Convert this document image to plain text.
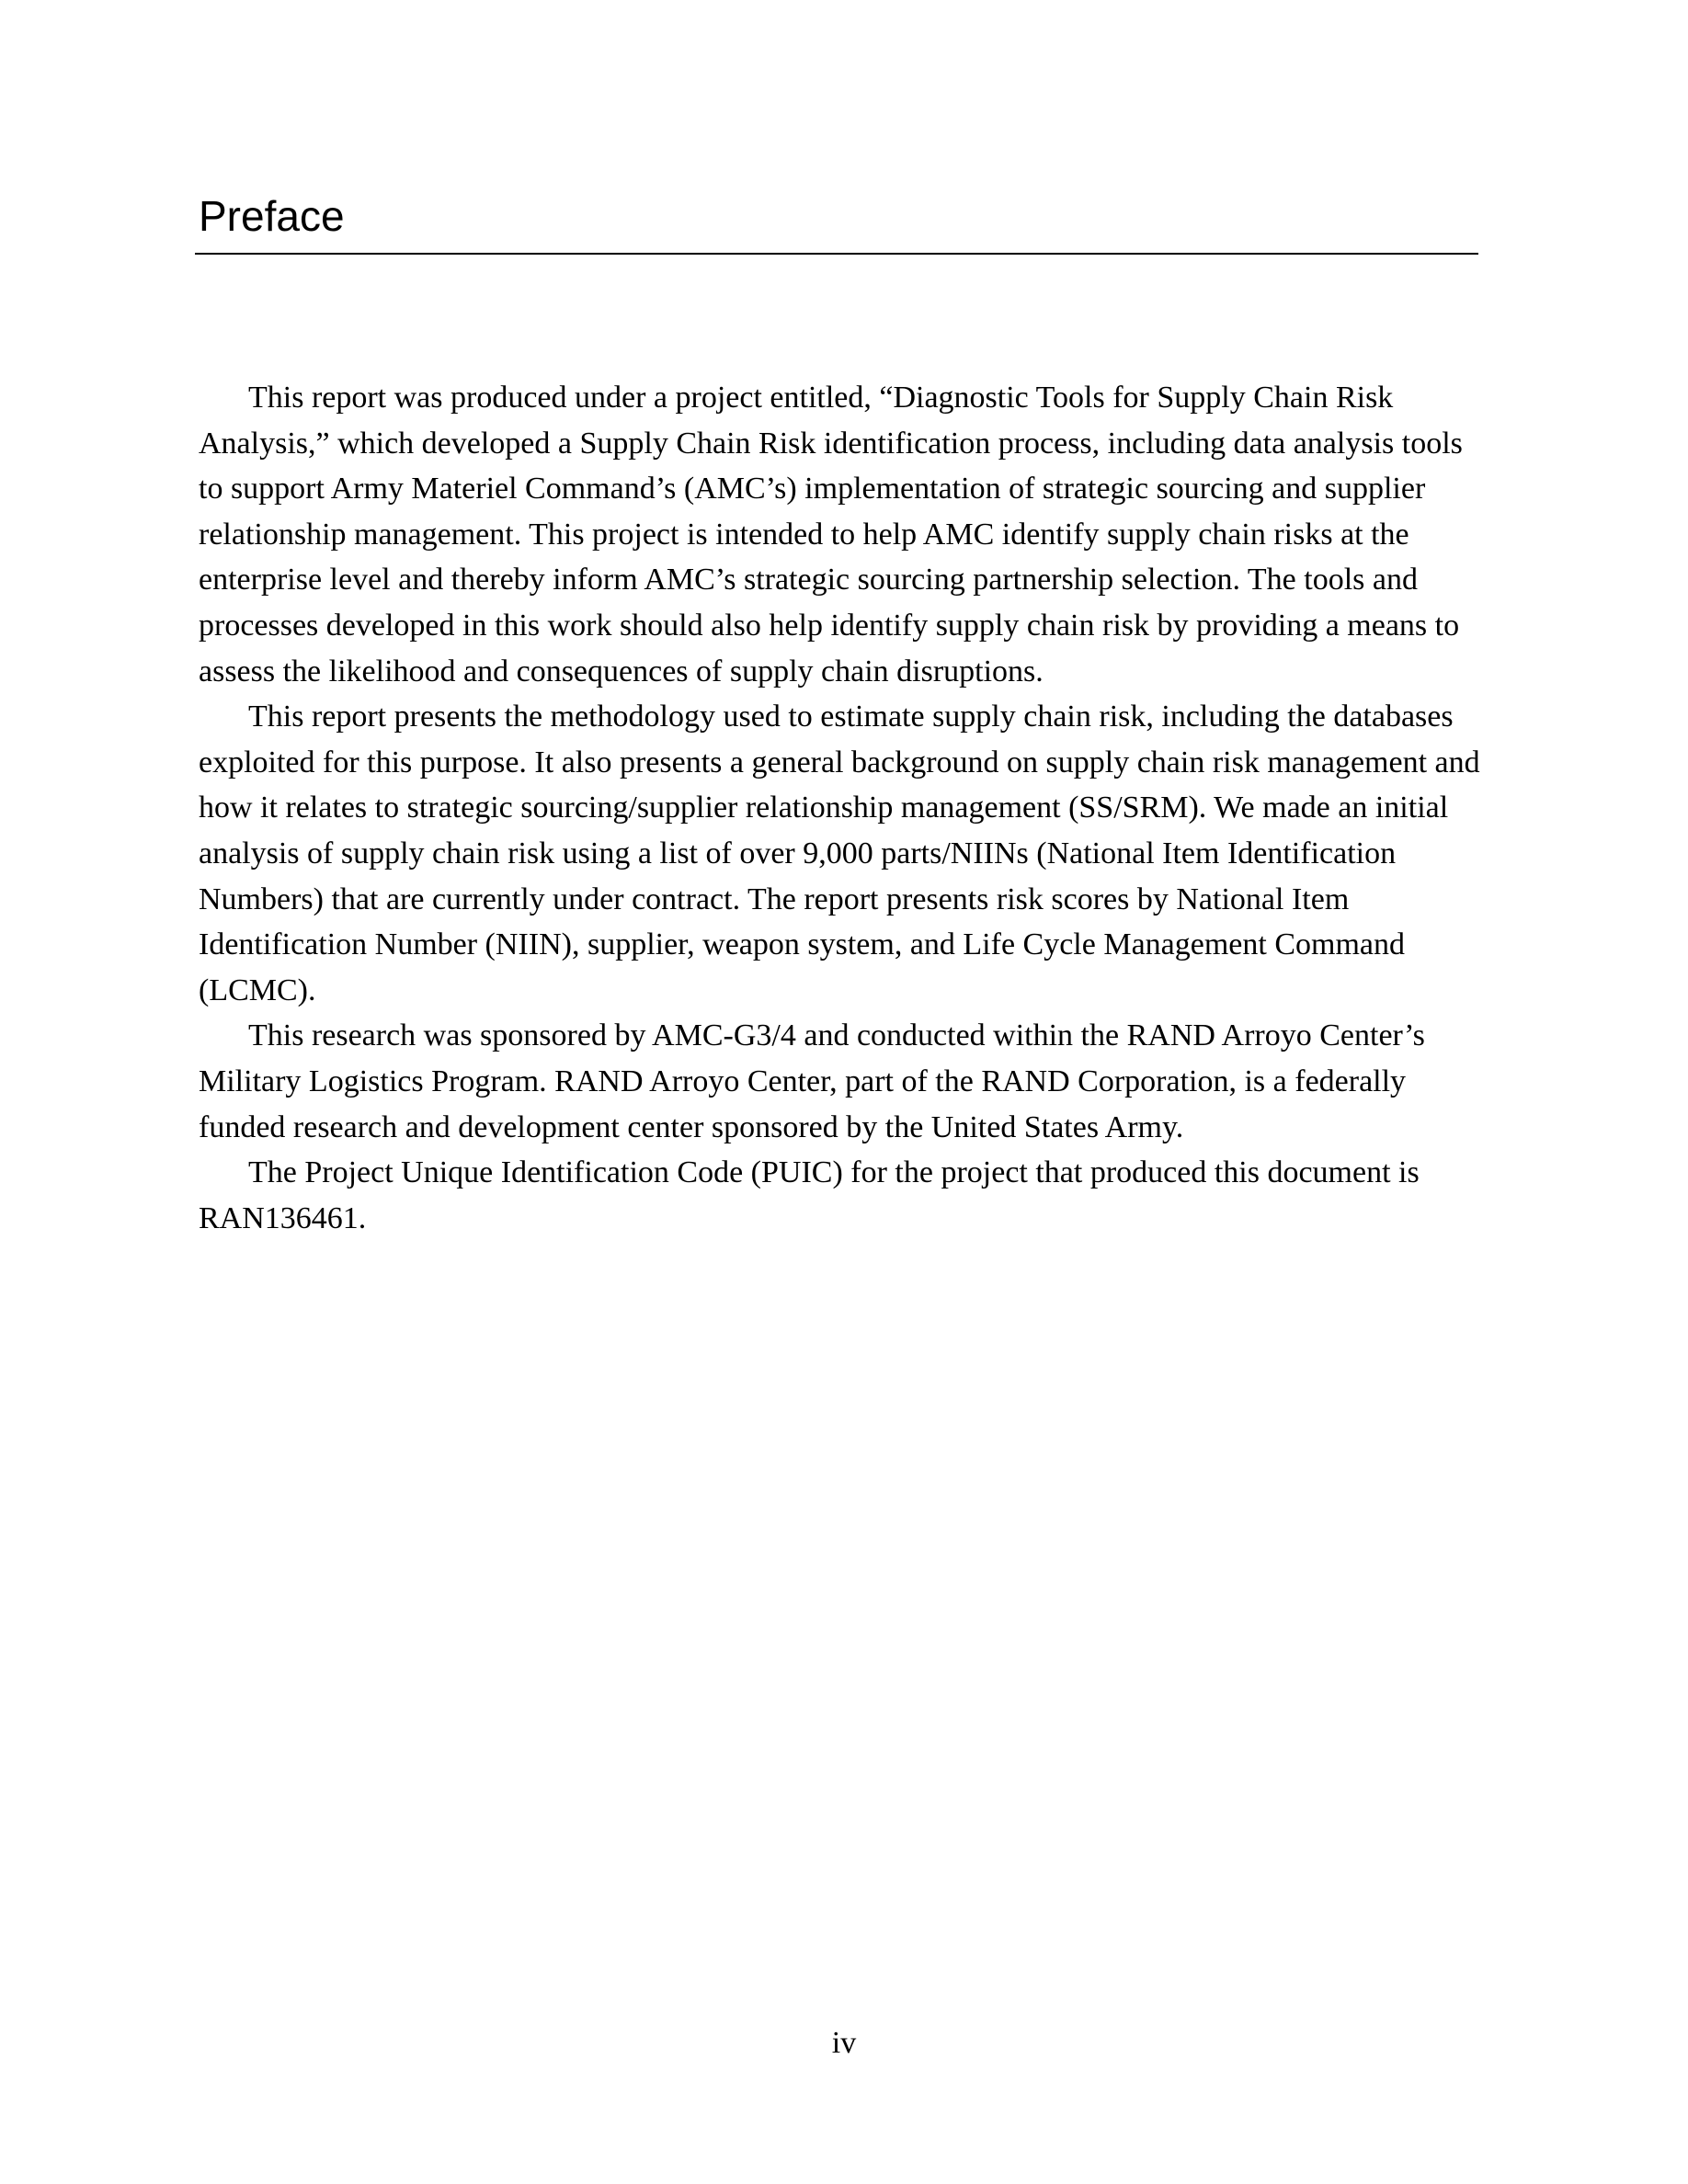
Preface

This report was produced under a project entitled, “Diagnostic Tools for Supply Chain Risk Analysis,” which developed a Supply Chain Risk identification process, including data analysis tools to support Army Materiel Command’s (AMC’s) implementation of strategic sourcing and supplier relationship management. This project is intended to help AMC identify supply chain risks at the enterprise level and thereby inform AMC’s strategic sourcing partnership selection. The tools and processes developed in this work should also help identify supply chain risk by providing a means to assess the likelihood and consequences of supply chain disruptions.

This report presents the methodology used to estimate supply chain risk, including the databases exploited for this purpose. It also presents a general background on supply chain risk management and how it relates to strategic sourcing/supplier relationship management (SS/SRM). We made an initial analysis of supply chain risk using a list of over 9,000 parts/NIINs (National Item Identification Numbers) that are currently under contract. The report presents risk scores by National Item Identification Number (NIIN), supplier, weapon system, and Life Cycle Management Command (LCMC).

This research was sponsored by AMC-G3/4 and conducted within the RAND Arroyo Center’s Military Logistics Program. RAND Arroyo Center, part of the RAND Corporation, is a federally funded research and development center sponsored by the United States Army.

The Project Unique Identification Code (PUIC) for the project that produced this document is RAN136461.

iv
